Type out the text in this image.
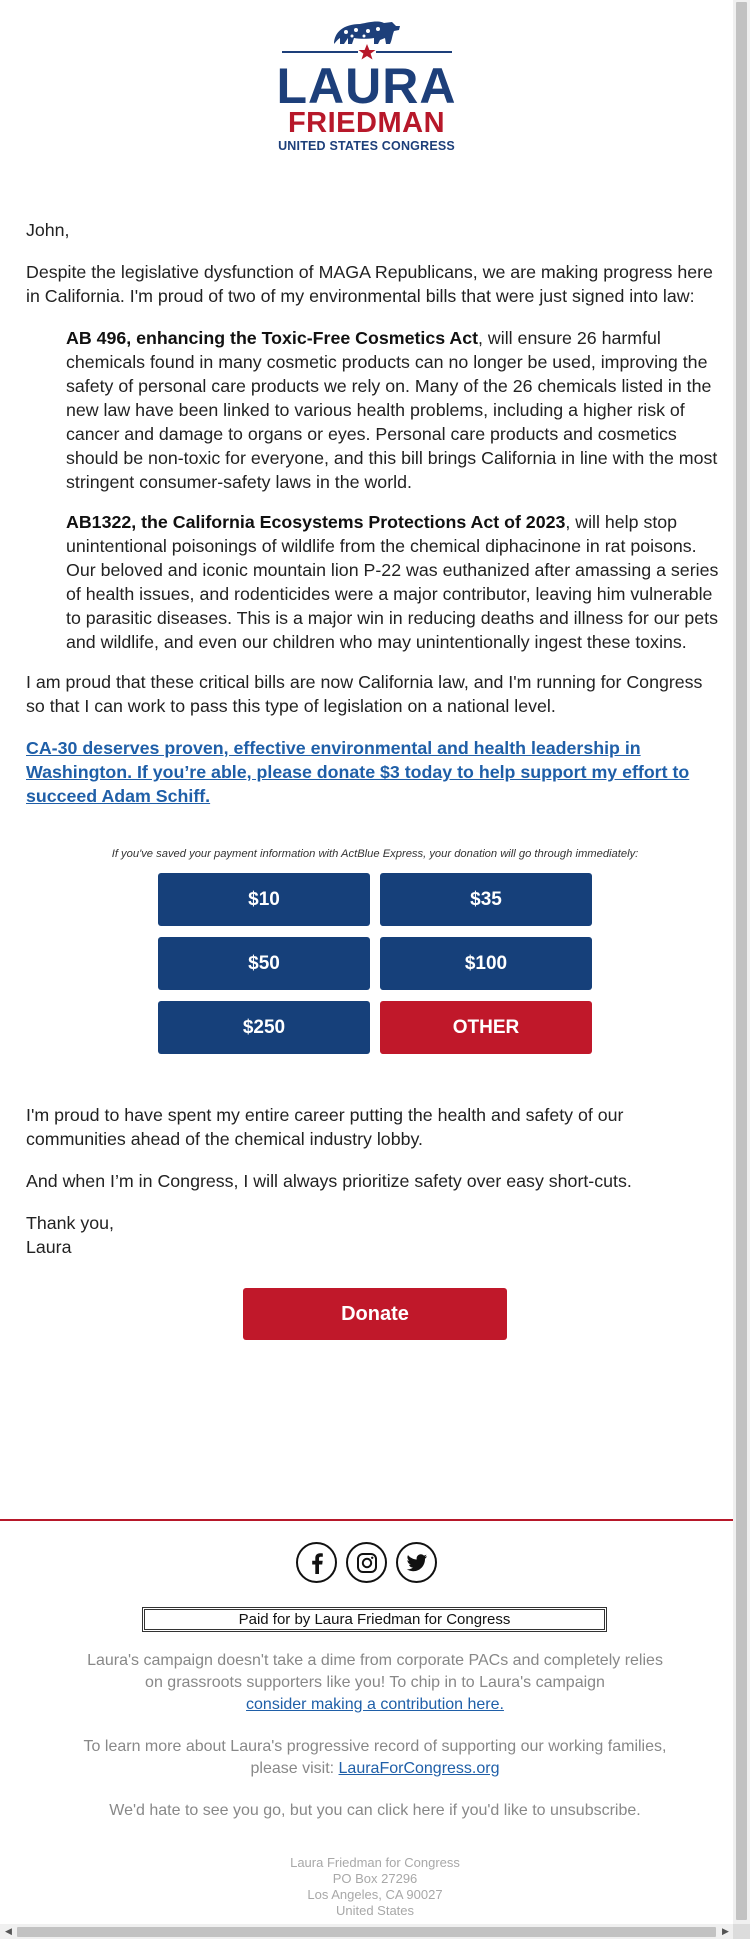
LAURA
FRIEDMAN
UNITED STATES CONGRESS

John,

Despite the legislative dysfunction of MAGA Republicans, we are making progress here in California. I'm proud of two of my environmental bills that were just signed into law:

AB 496, enhancing the Toxic-Free Cosmetics Act, will ensure 26 harmful chemicals found in many cosmetic products can no longer be used, improving the safety of personal care products we rely on. Many of the 26 chemicals listed in the new law have been linked to various health problems, including a higher risk of cancer and damage to organs or eyes. Personal care products and cosmetics should be non-toxic for everyone, and this bill brings California in line with the most stringent consumer-safety laws in the world.

AB1322, the California Ecosystems Protections Act of 2023, will help stop unintentional poisonings of wildlife from the chemical diphacinone in rat poisons. Our beloved and iconic mountain lion P-22 was euthanized after amassing a series of health issues, and rodenticides were a major contributor, leaving him vulnerable to parasitic diseases. This is a major win in reducing deaths and illness for our pets and wildlife, and even our children who may unintentionally ingest these toxins.

I am proud that these critical bills are now California law, and I'm running for Congress so that I can work to pass this type of legislation on a national level.

CA-30 deserves proven, effective environmental and health leadership in Washington. If you’re able, please donate $3 today to help support my effort to succeed Adam Schiff.
If you've saved your payment information with ActBlue Express, your donation will go through immediately:
$10	$35
$50	$100
$250	OTHER

I'm proud to have spent my entire career putting the health and safety of our communities ahead of the chemical industry lobby.

And when I’m in Congress, I will always prioritize safety over easy short-cuts.

Thank you,
Laura

Donate
Paid for by Laura Friedman for Congress
Laura's campaign doesn't take a dime from corporate PACs and completely relies on grassroots supporters like you! To chip in to Laura's campaign
consider making a contribution here.
To learn more about Laura's progressive record of supporting our working families, please visit: LauraForCongress.org
We'd hate to see you go, but you can click here if you'd like to unsubscribe.
Laura Friedman for Congress
PO Box 27296
Los Angeles, CA 90027
United States
◀	▶
